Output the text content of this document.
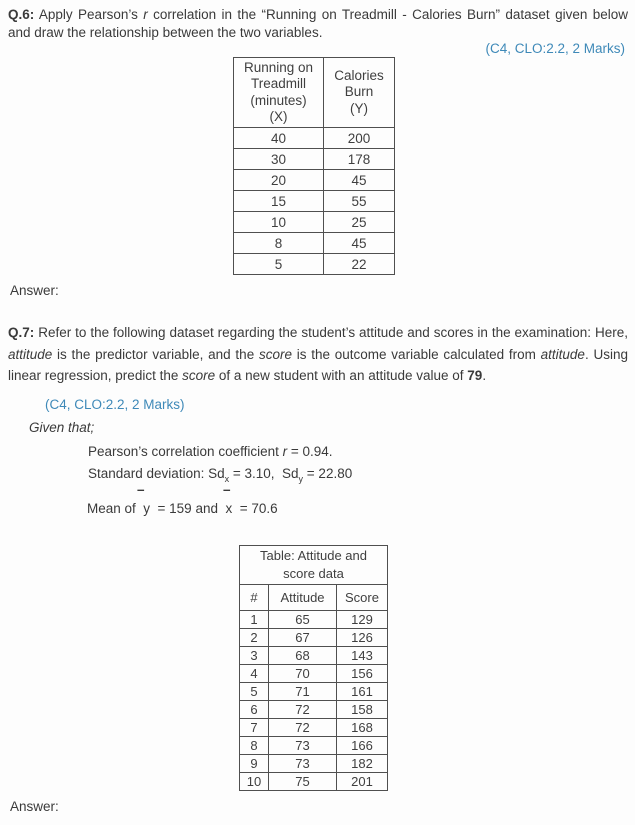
Q.6: Apply Pearson’s r correlation in the “Running on Treadmill - Calories Burn” dataset given below and draw the relationship between the two variables.
(C4, CLO:2.2, 2 Marks)
Running on
Treadmill
(minutes)
(X)

Calories
Burn
(Y)

40	200
30	178
20	45
15	55
10	25
8	45
5	22
Answer:
Q.7: Refer to the following dataset regarding the student’s attitude and scores in the examination: Here, attitude is the predictor variable, and the score is the outcome variable calculated from attitude. Using linear regression, predict the score of a new student with an attitude value of 79.
(C4, CLO:2.2, 2 Marks)
Given that;
Pearson’s correlation coefficient r = 0.94.
Standard deviation: $Sd_x = 3.10$,  $Sd_y = 22.80$
–	–
Mean of  y  = 159 and  x  = 70.6
Table: Attitude and
score data		

#	Attitude	Score
1	65	129
2	67	126
3	68	143
4	70	156
5	71	161
6	72	158
7	72	168
8	73	166
9	73	182
10	75	201
Answer:
